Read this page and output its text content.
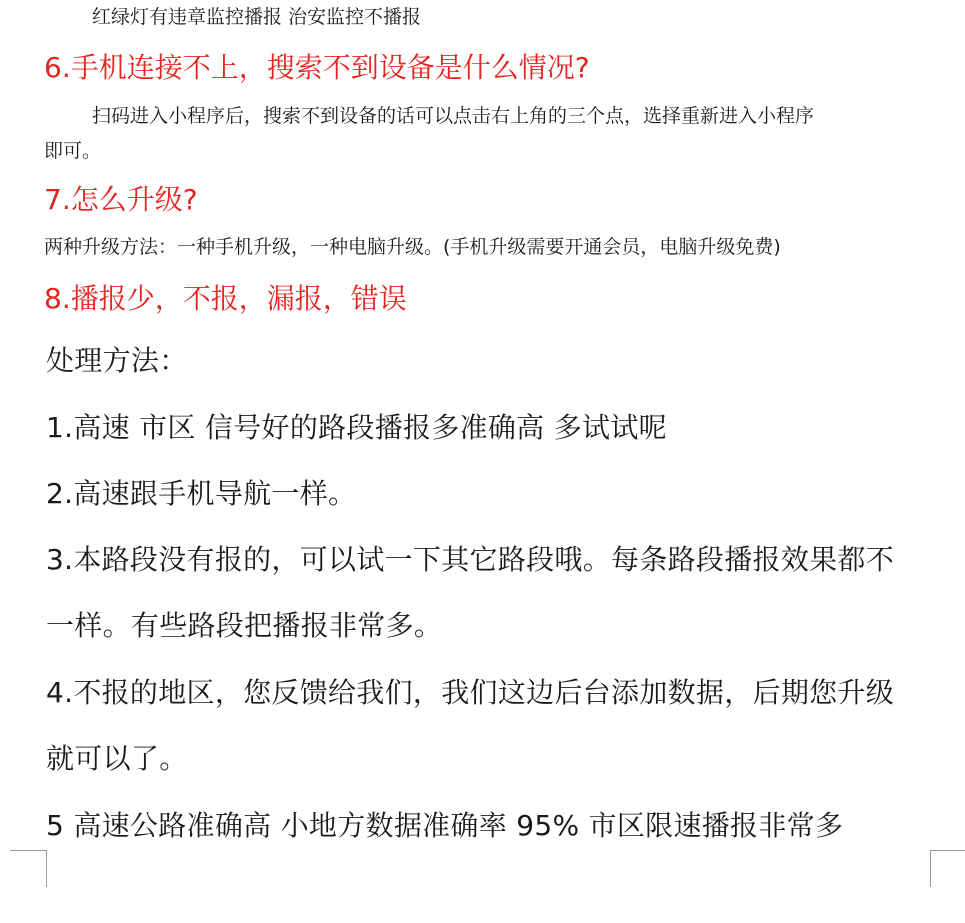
红绿灯有违章监控播报 治安监控不播报

6.手机连接不上，搜索不到设备是什么情况?

扫码进入小程序后，搜索不到设备的话可以点击右上角的三个点，选择重新进入小程序

即可。

7.怎么升级?

两种升级方法：一种手机升级，一种电脑升级。(手机升级需要开通会员，电脑升级免费)

8.播报少，不报，漏报，错误

处理方法：

1.高速 市区 信号好的路段播报多准确高 多试试呢

2.高速跟手机导航一样。

3.本路段没有报的，可以试一下其它路段哦。每条路段播报效果都不

一样。有些路段把播报非常多。

4.不报的地区，您反馈给我们，我们这边后台添加数据，后期您升级

就可以了。

5 高速公路准确高 小地方数据准确率 95% 市区限速播报非常多
